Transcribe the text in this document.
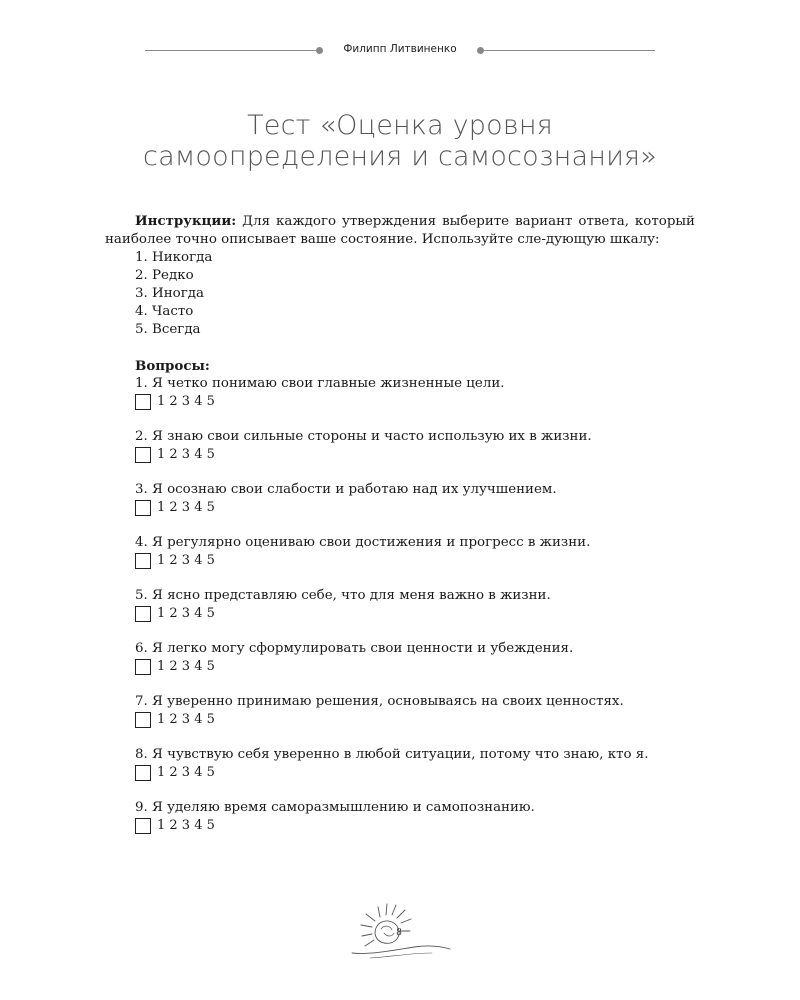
Филипп Литвиненко
Тест «Оценка уровня
самоопределения и самосознания»

Инструкции: Для каждого утверждения выберите вариант ответа, который наиболее точно описывает ваше состояние. Используйте сле-дующую шкалу:

1. Никогда
2. Редко
3. Иногда
4. Часто
5. Всегда
Вопросы:

1. Я четко понимаю свои главные жизненные цели.

1 2 3 4 5

2. Я знаю свои сильные стороны и часто использую их в жизни.

1 2 3 4 5

3. Я осознаю свои слабости и работаю над их улучшением.

1 2 3 4 5

4. Я регулярно оцениваю свои достижения и прогресс в жизни.

1 2 3 4 5

5. Я ясно представляю себе, что для меня важно в жизни.

1 2 3 4 5

6. Я легко могу сформулировать свои ценности и убеждения.

1 2 3 4 5

7. Я уверенно принимаю решения, основываясь на своих ценностях.

1 2 3 4 5

8. Я чувствую себя уверенно в любой ситуации, потому что знаю, кто я.

1 2 3 4 5

9. Я уделяю время саморазмышлению и самопознанию.

1 2 3 4 5
8
